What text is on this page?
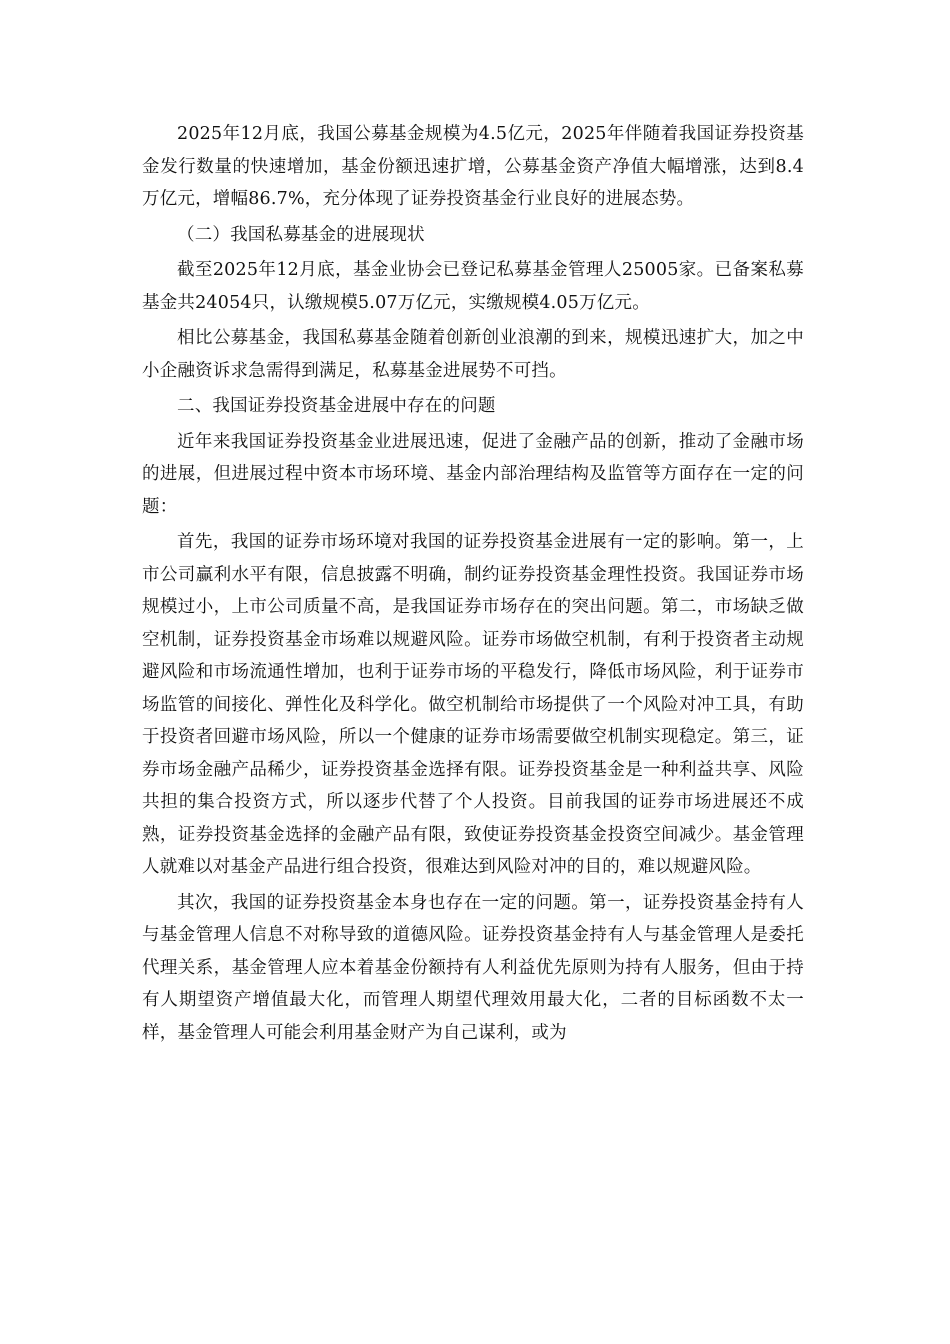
2025年12月底，我国公募基金规模为4.5亿元，2025年伴随着我国证券投资基金发行数量的快速增加，基金份额迅速扩增，公募基金资产净值大幅增涨，达到8.4万亿元，增幅86.7%，充分体现了证券投资基金行业良好的进展态势。

（二）我国私募基金的进展现状

截至2025年12月底，基金业协会已登记私募基金管理人25005家。已备案私募基金共24054只，认缴规模5.07万亿元，实缴规模4.05万亿元。

相比公募基金，我国私募基金随着创新创业浪潮的到来，规模迅速扩大，加之中小企融资诉求急需得到满足，私募基金进展势不可挡。

二、我国证券投资基金进展中存在的问题

近年来我国证券投资基金业进展迅速，促进了金融产品的创新，推动了金融市场的进展，但进展过程中资本市场环境、基金内部治理结构及监管等方面存在一定的问题：

首先，我国的证券市场环境对我国的证券投资基金进展有一定的影响。第一，上市公司赢利水平有限，信息披露不明确，制约证券投资基金理性投资。我国证券市场规模过小，上市公司质量不高，是我国证券市场存在的突出问题。第二，市场缺乏做空机制，证券投资基金市场难以规避风险。证券市场做空机制，有利于投资者主动规避风险和市场流通性增加，也利于证券市场的平稳发行，降低市场风险，利于证券市场监管的间接化、弹性化及科学化。做空机制给市场提供了一个风险对冲工具，有助于投资者回避市场风险，所以一个健康的证券市场需要做空机制实现稳定。第三，证券市场金融产品稀少，证券投资基金选择有限。证券投资基金是一种利益共享、风险共担的集合投资方式，所以逐步代替了个人投资。目前我国的证券市场进展还不成熟，证券投资基金选择的金融产品有限，致使证券投资基金投资空间减少。基金管理人就难以对基金产品进行组合投资，很难达到风险对冲的目的，难以规避风险。

其次，我国的证券投资基金本身也存在一定的问题。第一，证券投资基金持有人与基金管理人信息不对称导致的道德风险。证券投资基金持有人与基金管理人是委托代理关系，基金管理人应本着基金份额持有人利益优先原则为持有人服务，但由于持有人期望资产增值最大化，而管理人期望代理效用最大化，二者的目标函数不太一样，基金管理人可能会利用基金财产为自己谋利，或为
